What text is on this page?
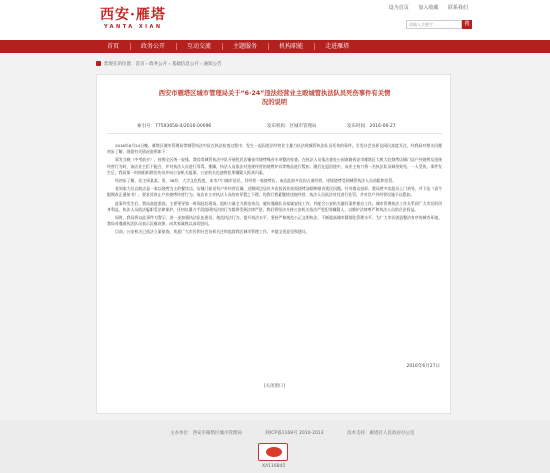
西安·雁塔
YANTA XIAN
设为首页 加入收藏 联系我们
请输入关键字	搜
首页	政务公开	互动交流	主题服务	机构职能	走进雁塔
您现在的位置：首页 › 政务公开 › 基础信息公开 › 通知公告
西安市雁塔区城市管理局关于“6·24”违法经营业主殴城管执法队员死伤事件有关情
况的说明
索引号：77593658-4/2016-00096	发布机构：区城市管理局	发布时间：2016-06-27

2016年6月24日晚，雁塔区城市管理局等城管执法中队在执法检查过程中，发生一起因违法经营业主暴力抗法致城管执法队员死伤的事件。引发社会各界及网民高度关注，经我局对相关问题初步了解，现就有关情况说明如下：

事发当晚（中考前夕），按照全区统一安排，我局等城管执法中队开展扰民店铺夜市烧烤噪音专项整治检查。在执法人员依法查处公园南路西安市雁塔区大机大灶烧烤店铺门店户外烧烤及违规经营行为时，该店业主拒不配合，并对执法人员进行辱骂、推搡，执法人员依法对违规经营的烧烤炉具等物品进行暂扣，随后在返回途中，该业主持刀将一名执法队员刺伤致死、一人受伤，事件发生后，我局第一时间组织救治伤员并向公安机关报案，公安机关迅速将犯罪嫌疑人抓获归案。

经初步了解，店主周某某，男，38岁，大学文化程度，本市户口城市居民，其经营一家烧烤店，该店此前多次因占道经营、违规烧烤受到城管执法人员劝阻和处罚。

老周家大灶自助店是一家以烧烤为主的餐饮店，店铺门前设有户外经营区域，近期周边居民多次投诉其夜间烧烤油烟和噪音扰民问题。针对群众投诉，我局曾多次派员上门劝导，并下达《责令限期改正通知书》，要求其停止户外烧烤经营行为。该店业主对执法人员的劝导置之不理，仍我行我素继续违规经营，执法人员依法对其进行处罚，并对其户外经营设施予以暂扣。

此事件发生后，我局高度重视，主要领导第一时间赶赴现场，组织力量全力救治伤员，做好遇难队员家属安抚工作，并配合公安机关做好案件侦办工作。城市管理执法工作关系到广大市民的切身利益，执法人员依法履职受法律保护，任何以暴力手段阻碍执法的行为都将受到法律严惩，我们将坚决支持公安机关依法严惩犯罪嫌疑人，以维护法律尊严和执法人员的合法权益。

同时，我局将以此事件为警示，进一步加强执法队伍建设，规范执法行为，提升执法水平，坚持严格规范公正文明执法，不断提高城市精细化管理水平，为广大市民创造整洁有序的城市环境。我局对遇难执法队员表示沉痛哀悼，向其家属致以深切慰问。

目前，公安机关已依法立案侦查。欢迎广大市民和社会各界关注和监督我区城市管理工作，多提宝贵意见和建议。

2016年6月27日
[关闭窗口]
主办单位：西安市雁塔区城市管理局	陕ICP备1168号 2010-2013	技术支持：雁塔区人民政府办公室
XA116845
